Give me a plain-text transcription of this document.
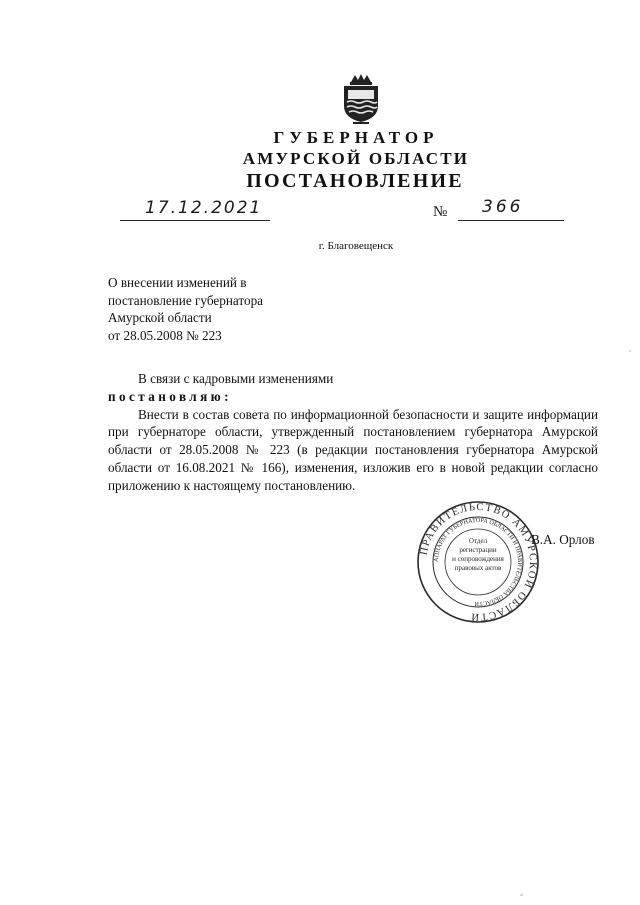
ГУБЕРНАТОР
АМУРСКОЙ ОБЛАСТИ
ПОСТАНОВЛЕНИЕ
17.12.2021	№ 366
г. Благовещенск
О внесении изменений в
постановление губернатора
Амурской области
от 28.05.2008 № 223
В связи с кадровыми изменениями
постановляю:
Внести в состав совета по информационной безопасности и защите информации при губернаторе области, утвержденный постановлением губернатора Амурской области от 28.05.2008 № 223 (в редакции постановления губернатора Амурской области от 16.08.2021 № 166), изменения, изложив его в новой редакции согласно приложению к настоящему постановлению.
ПРАВИТЕЛЬСТВО АМУРСКОЙ ОБЛАСТИ
АППАРАТ ГУБЕРНАТОРА ОБЛАСТИ И ПРАВИТЕЛЬСТВА ОБЛАСТИ
Отдел
регистрации
и сопровождения
правовых актов
В.А. Орлов
